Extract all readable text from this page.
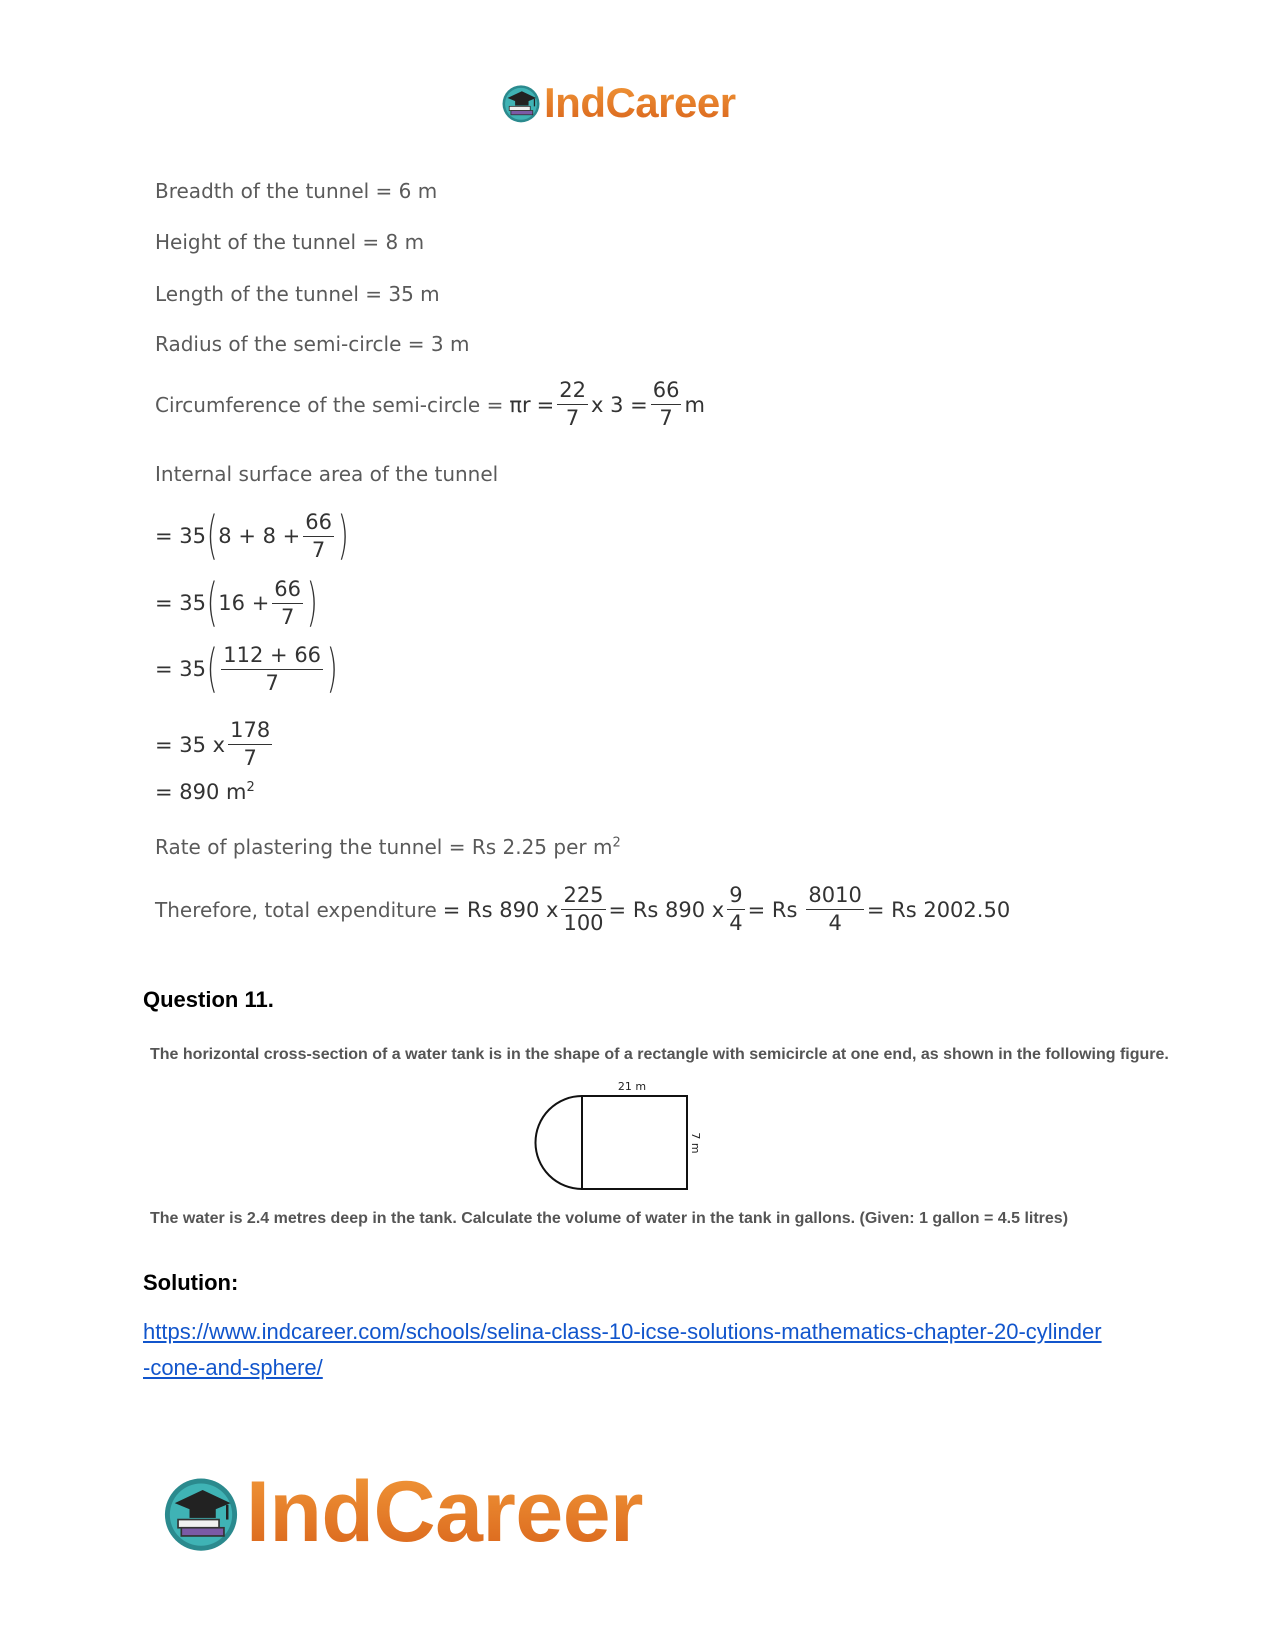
IndCareer
Breadth of the tunnel = 6 m
Height of the tunnel = 8 m
Length of the tunnel = 35 m
Radius of the semi-circle = 3 m
Circumference of the semi-circle = $\pi r = \frac{22}{7}$ x $3 = \frac{66}{7}$ m
Internal surface area of the tunnel
= 35 ( $8 + 8 + \frac{66}{7}$ )
= 35 ( $16 + \frac{66}{7}$ )
= 35 ( $\frac{112 + 66}{7}$ )
= 35 x $\frac{178}{7}$
= 890 $m^2$
Rate of plastering the tunnel = Rs 2.25 per $m^2$
Therefore, total expenditure = Rs 890 x $\frac{225}{100} = Rs$ 890 x $\frac{9}{4} = Rs \frac{8010}{4} = Rs$ 2002.50
Question 11.
The horizontal cross-section of a water tank is in the shape of a rectangle with semicircle at one end, as shown in the following figure.
21 m
7 m
The water is 2.4 metres deep in the tank. Calculate the volume of water in the tank in gallons. (Given: 1 gallon = 4.5 litres)
Solution:
https://www.indcareer.com/schools/selina-class-10-icse-solutions-mathematics-chapter-20-cylinder-cone-and-sphere/
IndCareer
